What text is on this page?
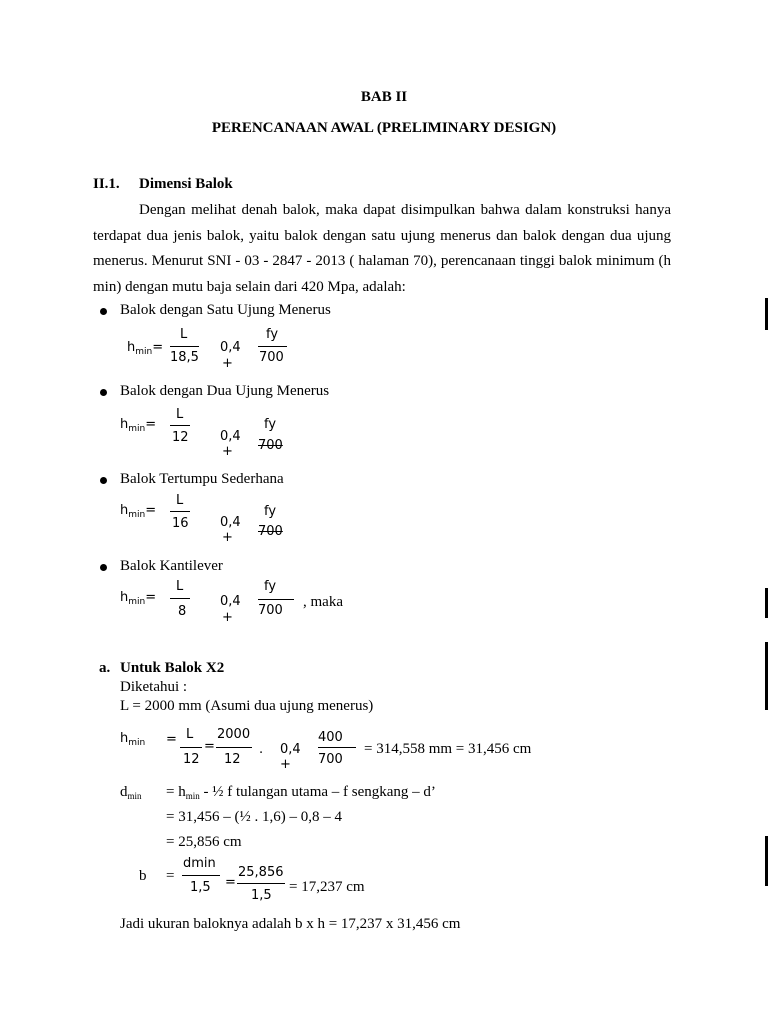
BAB II
PERENCANAAN AWAL (PRELIMINARY DESIGN)
II.1. Dimensi Balok
Dengan melihat denah balok, maka dapat disimpulkan bahwa dalam konstruksi hanya terdapat dua jenis balok, yaitu balok dengan satu ujung menerus dan balok dengan dua ujung menerus. Menurut SNI - 03 - 2847 - 2013 ( halaman 70), perencanaan tinggi balok minimum (h min) dengan mutu baja selain dari 420 Mpa, adalah:
Balok dengan Satu Ujung Menerus
$h_{min}=$
L
18,5
0,4
+
fy
700
Balok dengan Dua Ujung Menerus
$h_{min}=$
L
12 0,4
+
fy
700
Balok Tertumpu Sederhana
$h_{min}=$
L
16 0,4
+
fy
700
Balok Kantilever
$h_{min}=$
L
8
0,4
+
fy
700
, maka
a. Untuk Balok X2
Diketahui :
L = 2000 mm (Asumi dua ujung menerus)
$h_{min} = L$
12
=
2000
12
. 0,4
+
400
700
= 314,558 mm = 31,456 cm
$d_{min} = h_{min}$ - ½ f tulangan utama – f sengkang – d’
= 31,456 – (½ . 1,6) – 0,8 – 4
= 25,856 cm
b =
dmin
1,5 =
25,856
1,5
= 17,237 cm
Jadi ukuran baloknya adalah b x h = 17,237 x 31,456 cm
